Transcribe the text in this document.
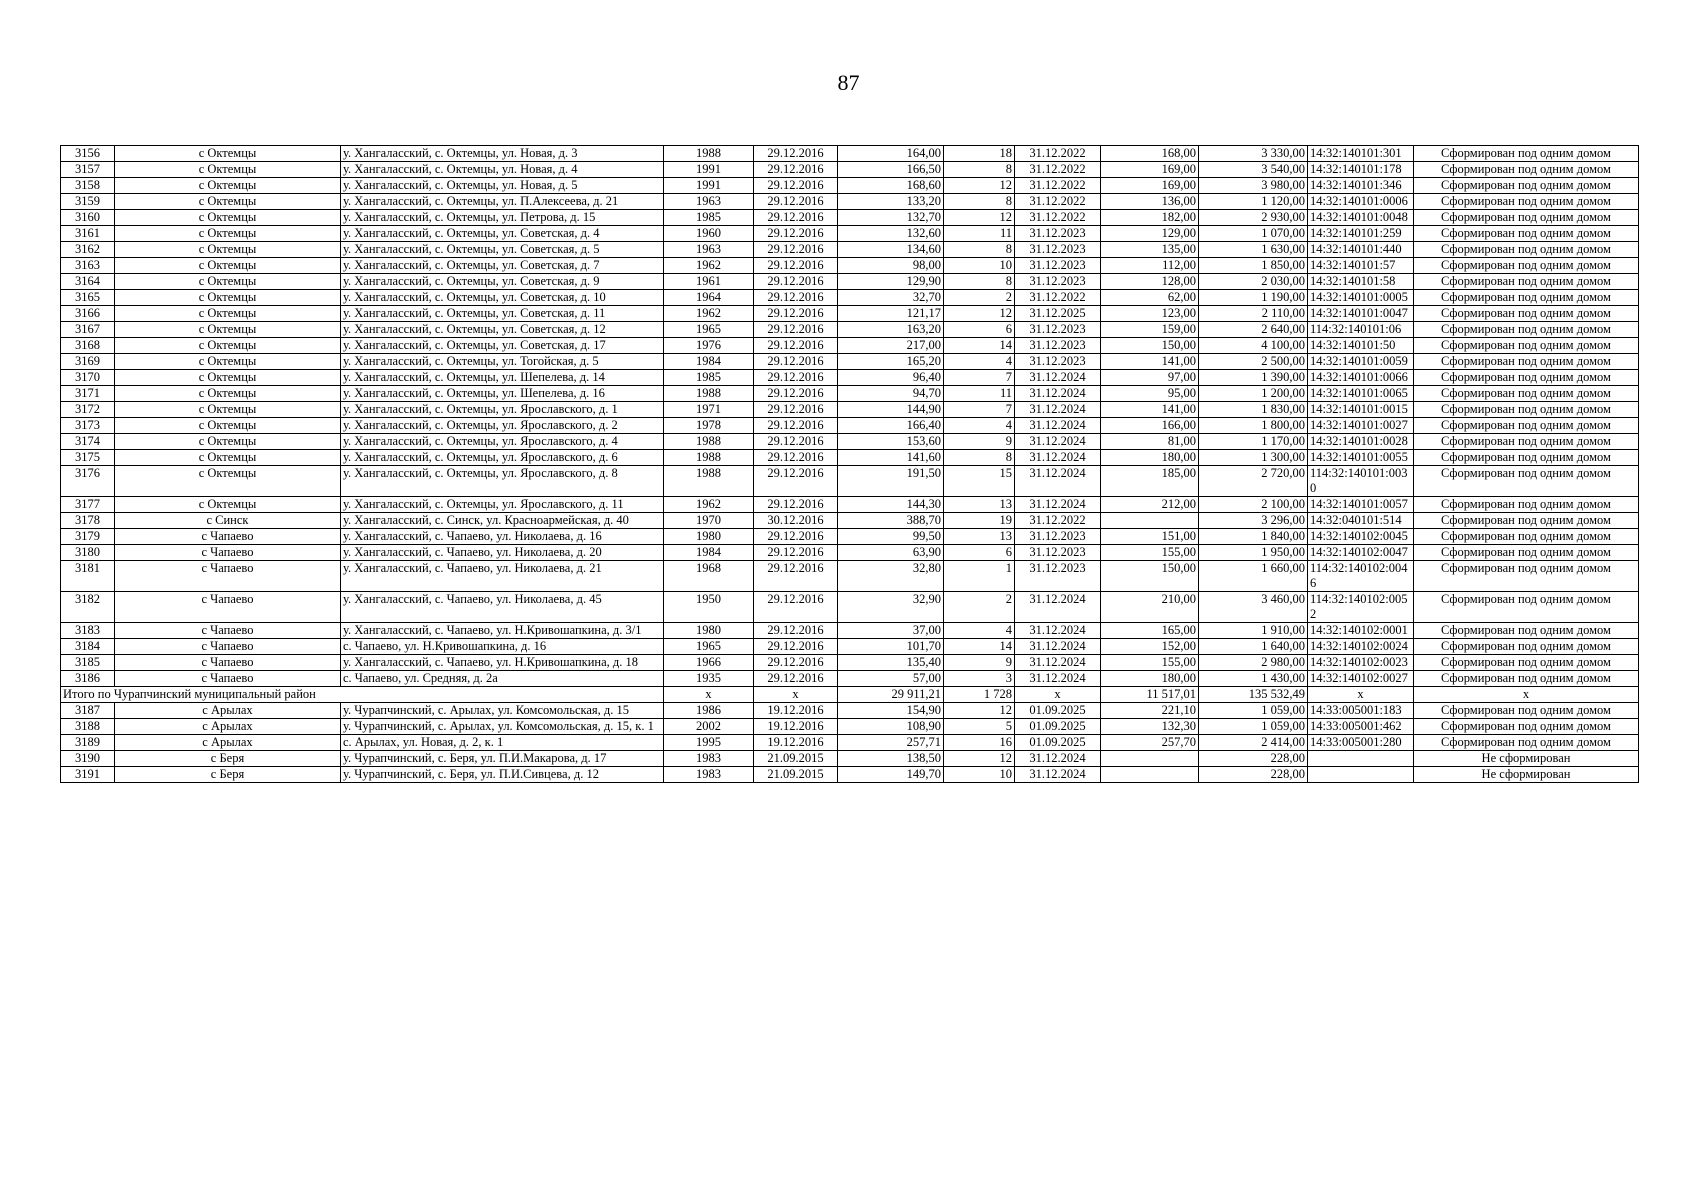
87
3156	с Октемцы	у. Хангаласский, с. Октемцы, ул. Новая, д. 3	1988	29.12.2016	164,00	18	31.12.2022	168,00	3 330,00	14:32:140101:301	Сформирован под одним домом
3157	с Октемцы	у. Хангаласский, с. Октемцы, ул. Новая, д. 4	1991	29.12.2016	166,50	8	31.12.2022	169,00	3 540,00	14:32:140101:178	Сформирован под одним домом
3158	с Октемцы	у. Хангаласский, с. Октемцы, ул. Новая, д. 5	1991	29.12.2016	168,60	12	31.12.2022	169,00	3 980,00	14:32:140101:346	Сформирован под одним домом
3159	с Октемцы	у. Хангаласский, с. Октемцы, ул. П.Алексеева, д. 21	1963	29.12.2016	133,20	8	31.12.2022	136,00	1 120,00	14:32:140101:0006	Сформирован под одним домом
3160	с Октемцы	у. Хангаласский, с. Октемцы, ул. Петрова, д. 15	1985	29.12.2016	132,70	12	31.12.2022	182,00	2 930,00	14:32:140101:0048	Сформирован под одним домом
3161	с Октемцы	у. Хангаласский, с. Октемцы, ул. Советская, д. 4	1960	29.12.2016	132,60	11	31.12.2023	129,00	1 070,00	14:32:140101:259	Сформирован под одним домом
3162	с Октемцы	у. Хангаласский, с. Октемцы, ул. Советская, д. 5	1963	29.12.2016	134,60	8	31.12.2023	135,00	1 630,00	14:32:140101:440	Сформирован под одним домом
3163	с Октемцы	у. Хангаласский, с. Октемцы, ул. Советская, д. 7	1962	29.12.2016	98,00	10	31.12.2023	112,00	1 850,00	14:32:140101:57	Сформирован под одним домом
3164	с Октемцы	у. Хангаласский, с. Октемцы, ул. Советская, д. 9	1961	29.12.2016	129,90	8	31.12.2023	128,00	2 030,00	14:32:140101:58	Сформирован под одним домом
3165	с Октемцы	у. Хангаласский, с. Октемцы, ул. Советская, д. 10	1964	29.12.2016	32,70	2	31.12.2022	62,00	1 190,00	14:32:140101:0005	Сформирован под одним домом
3166	с Октемцы	у. Хангаласский, с. Октемцы, ул. Советская, д. 11	1962	29.12.2016	121,17	12	31.12.2025	123,00	2 110,00	14:32:140101:0047	Сформирован под одним домом
3167	с Октемцы	у. Хангаласский, с. Октемцы, ул. Советская, д. 12	1965	29.12.2016	163,20	6	31.12.2023	159,00	2 640,00	114:32:140101:06	Сформирован под одним домом
3168	с Октемцы	у. Хангаласский, с. Октемцы, ул. Советская, д. 17	1976	29.12.2016	217,00	14	31.12.2023	150,00	4 100,00	14:32:140101:50	Сформирован под одним домом
3169	с Октемцы	у. Хангаласский, с. Октемцы, ул. Тогойская, д. 5	1984	29.12.2016	165,20	4	31.12.2023	141,00	2 500,00	14:32:140101:0059	Сформирован под одним домом
3170	с Октемцы	у. Хангаласский, с. Октемцы, ул. Шепелева, д. 14	1985	29.12.2016	96,40	7	31.12.2024	97,00	1 390,00	14:32:140101:0066	Сформирован под одним домом
3171	с Октемцы	у. Хангаласский, с. Октемцы, ул. Шепелева, д. 16	1988	29.12.2016	94,70	11	31.12.2024	95,00	1 200,00	14:32:140101:0065	Сформирован под одним домом
3172	с Октемцы	у. Хангаласский, с. Октемцы, ул. Ярославского, д. 1	1971	29.12.2016	144,90	7	31.12.2024	141,00	1 830,00	14:32:140101:0015	Сформирован под одним домом
3173	с Октемцы	у. Хангаласский, с. Октемцы, ул. Ярославского, д. 2	1978	29.12.2016	166,40	4	31.12.2024	166,00	1 800,00	14:32:140101:0027	Сформирован под одним домом
3174	с Октемцы	у. Хангаласский, с. Октемцы, ул. Ярославского, д. 4	1988	29.12.2016	153,60	9	31.12.2024	81,00	1 170,00	14:32:140101:0028	Сформирован под одним домом
3175	с Октемцы	у. Хангаласский, с. Октемцы, ул. Ярославского, д. 6	1988	29.12.2016	141,60	8	31.12.2024	180,00	1 300,00	14:32:140101:0055	Сформирован под одним домом
3176	с Октемцы	у. Хангаласский, с. Октемцы, ул. Ярославского, д. 8	1988	29.12.2016	191,50	15	31.12.2024	185,00	2 720,00	114:32:140101:0030	Сформирован под одним домом
3177	с Октемцы	у. Хангаласский, с. Октемцы, ул. Ярославского, д. 11	1962	29.12.2016	144,30	13	31.12.2024	212,00	2 100,00	14:32:140101:0057	Сформирован под одним домом
3178	с Синск	у. Хангаласский, с. Синск, ул. Красноармейская, д. 40	1970	30.12.2016	388,70	19	31.12.2022		3 296,00	14:32:040101:514	Сформирован под одним домом
3179	с Чапаево	у. Хангаласский, с. Чапаево, ул. Николаева, д. 16	1980	29.12.2016	99,50	13	31.12.2023	151,00	1 840,00	14:32:140102:0045	Сформирован под одним домом
3180	с Чапаево	у. Хангаласский, с. Чапаево, ул. Николаева, д. 20	1984	29.12.2016	63,90	6	31.12.2023	155,00	1 950,00	14:32:140102:0047	Сформирован под одним домом
3181	с Чапаево	у. Хангаласский, с. Чапаево, ул. Николаева, д. 21	1968	29.12.2016	32,80	1	31.12.2023	150,00	1 660,00	114:32:140102:0046	Сформирован под одним домом
3182	с Чапаево	у. Хангаласский, с. Чапаево, ул. Николаева, д. 45	1950	29.12.2016	32,90	2	31.12.2024	210,00	3 460,00	114:32:140102:0052	Сформирован под одним домом
3183	с Чапаево	у. Хангаласский, с. Чапаево, ул. Н.Кривошапкина, д. 3/1	1980	29.12.2016	37,00	4	31.12.2024	165,00	1 910,00	14:32:140102:0001	Сформирован под одним домом
3184	с Чапаево	с. Чапаево, ул. Н.Кривошапкина, д. 16	1965	29.12.2016	101,70	14	31.12.2024	152,00	1 640,00	14:32:140102:0024	Сформирован под одним домом
3185	с Чапаево	у. Хангаласский, с. Чапаево, ул. Н.Кривошапкина, д. 18	1966	29.12.2016	135,40	9	31.12.2024	155,00	2 980,00	14:32:140102:0023	Сформирован под одним домом
3186	с Чапаево	с. Чапаево, ул. Средняя, д. 2а	1935	29.12.2016	57,00	3	31.12.2024	180,00	1 430,00	14:32:140102:0027	Сформирован под одним домом
Итого по Чурапчинский муниципальный район			x	x	29 911,21	1 728	x	11 517,01	135 532,49	x	x
3187	с Арылах	у. Чурапчинский, с. Арылах, ул. Комсомольская, д. 15	1986	19.12.2016	154,90	12	01.09.2025	221,10	1 059,00	14:33:005001:183	Сформирован под одним домом
3188	с Арылах	у. Чурапчинский, с. Арылах, ул. Комсомольская, д. 15, к. 1	2002	19.12.2016	108,90	5	01.09.2025	132,30	1 059,00	14:33:005001:462	Сформирован под одним домом
3189	с Арылах	с. Арылах, ул. Новая, д. 2, к. 1	1995	19.12.2016	257,71	16	01.09.2025	257,70	2 414,00	14:33:005001:280	Сформирован под одним домом
3190	с Беря	у. Чурапчинский, с. Беря, ул. П.И.Макарова, д. 17	1983	21.09.2015	138,50	12	31.12.2024		228,00		Не сформирован
3191	с Беря	у. Чурапчинский, с. Беря, ул. П.И.Сивцева, д. 12	1983	21.09.2015	149,70	10	31.12.2024		228,00		Не сформирован
